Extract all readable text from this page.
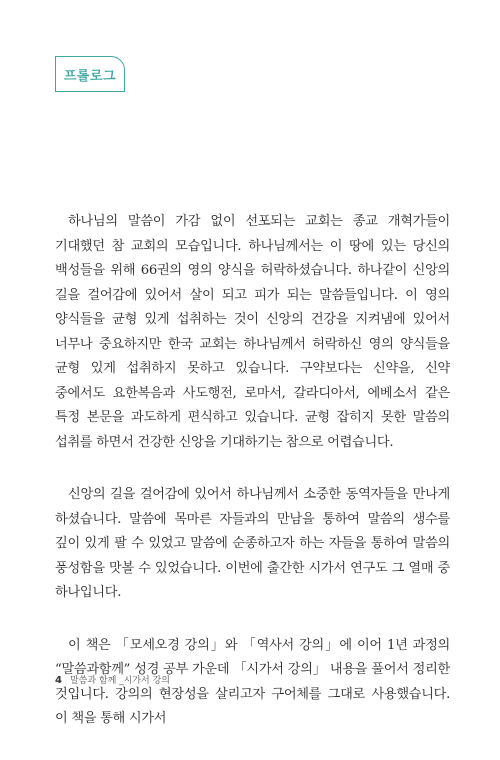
프롤로그

하나님의 말씀이 가감 없이 선포되는 교회는 종교 개혁가들이 기대했던 참 교회의 모습입니다. 하나님께서는 이 땅에 있는 당신의 백성들을 위해 66권의 영의 양식을 허락하셨습니다. 하나같이 신앙의 길을 걸어감에 있어서 살이 되고 피가 되는 말씀들입니다. 이 영의 양식들을 균형 있게 섭취하는 것이 신앙의 건강을 지켜냄에 있어서 너무나 중요하지만 한국 교회는 하나님께서 허락하신 영의 양식들을 균형 있게 섭취하지 못하고 있습니다. 구약보다는 신약을, 신약 중에서도 요한복음과 사도행전, 로마서, 갈라디아서, 에베소서 같은 특정 본문을 과도하게 편식하고 있습니다. 균형 잡히지 못한 말씀의 섭취를 하면서 건강한 신앙을 기대하기는 참으로 어렵습니다.

신앙의 길을 걸어감에 있어서 하나님께서 소중한 동역자들을 만나게 하셨습니다. 말씀에 목마른 자들과의 만남을 통하여 말씀의 생수를 깊이 있게 팔 수 있었고 말씀에 순종하고자 하는 자들을 통하여 말씀의 풍성함을 맛볼 수 있었습니다. 이번에 출간한 시가서 연구도 그 열매 중 하나입니다.

이 책은 「모세오경 강의」와 「역사서 강의」에 이어 1년 과정의 “말씀과함께” 성경 공부 가운데 「시가서 강의」 내용을 풀어서 정리한 것입니다. 강의의 현장성을 살리고자 구어체를 그대로 사용했습니다. 이 책을 통해 시가서

4 말씀과 함께 _시가서 강의
